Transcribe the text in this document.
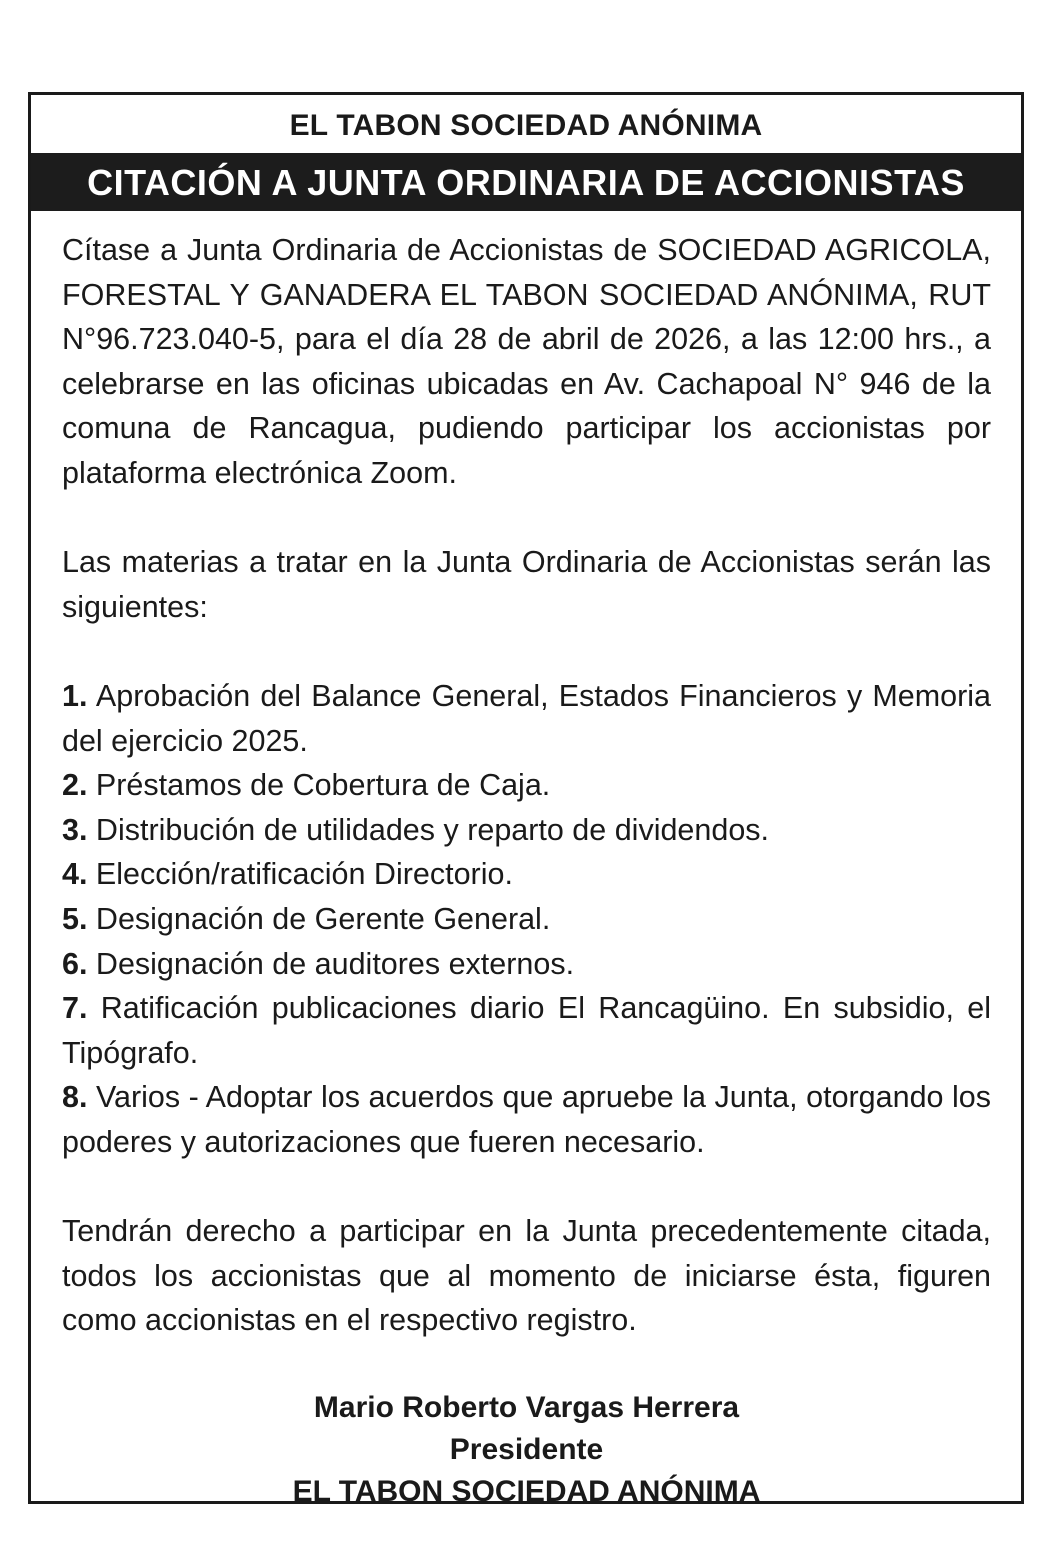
EL TABON SOCIEDAD ANÓNIMA
CITACIÓN A JUNTA ORDINARIA DE ACCIONISTAS

Cítase a Junta Ordinaria de Accionistas de SOCIEDAD AGRICOLA, FORESTAL Y GANADERA EL TABON SOCIEDAD ANÓNIMA, RUT N°96.723.040-5, para el día 28 de abril de 2026, a las 12:00 hrs., a celebrarse en las oficinas ubicadas en Av. Cachapoal N° 946 de la comuna de Rancagua, pudiendo participar los accionistas por plataforma electrónica Zoom.

Las materias a tratar en la Junta Ordinaria de Accionistas serán las siguientes:

1. Aprobación del Balance General, Estados Financieros y Memoria del ejercicio 2025.
2. Préstamos de Cobertura de Caja.
3. Distribución de utilidades y reparto de dividendos.
4. Elección/ratificación Directorio.
5. Designación de Gerente General.
6. Designación de auditores externos.
7. Ratificación publicaciones diario El Rancagüino. En subsidio, el Tipógrafo.
8. Varios - Adoptar los acuerdos que apruebe la Junta, otorgando los poderes y autorizaciones que fueren necesario.

Tendrán derecho a participar en la Junta precedentemente citada, todos los accionistas que al momento de iniciarse ésta, figuren como accionistas en el respectivo registro.

Mario Roberto Vargas Herrera
Presidente
EL TABON SOCIEDAD ANÓNIMA
